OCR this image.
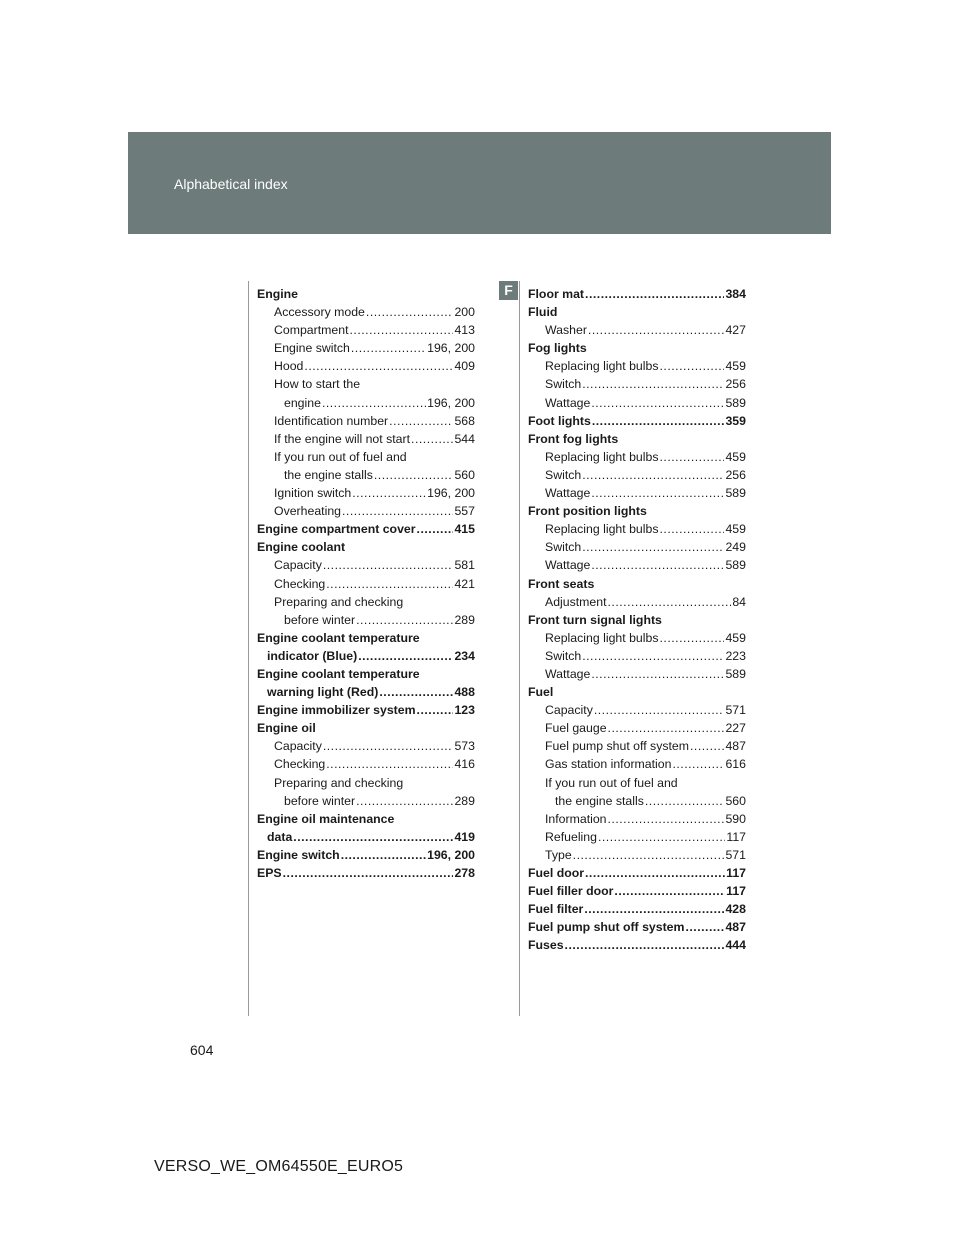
Alphabetical index
F
Engine
Accessory mode .....	200
Compartment .....	413
Engine switch .....	196, 200
Hood .....	409
How to start the
engine .....	196, 200
Identification number .....	568
If the engine will not start .....	544
If you run out of fuel and
the engine stalls .....	560
Ignition switch .....	196, 200
Overheating .....	557
Engine compartment cover .....	415
Engine coolant
Capacity .....	581
Checking .....	421
Preparing and checking
before winter .....	289
Engine coolant temperature
indicator (Blue) .....	234
Engine coolant temperature
warning light (Red) .....	488
Engine immobilizer system .....	123
Engine oil
Capacity .....	573
Checking .....	416
Preparing and checking
before winter .....	289
Engine oil maintenance
data .....	419
Engine switch .....	196, 200
EPS .....	278
Floor mat .....	384
Fluid
Washer .....	427
Fog lights
Replacing light bulbs .....	459
Switch .....	256
Wattage .....	589
Foot lights .....	359
Front fog lights
Replacing light bulbs .....	459
Switch .....	256
Wattage .....	589
Front position lights
Replacing light bulbs .....	459
Switch .....	249
Wattage .....	589
Front seats
Adjustment .....	84
Front turn signal lights
Replacing light bulbs .....	459
Switch .....	223
Wattage .....	589
Fuel
Capacity .....	571
Fuel gauge .....	227
Fuel pump shut off system .....	487
Gas station information .....	616
If you run out of fuel and
the engine stalls .....	560
Information .....	590
Refueling .....	117
Type .....	571
Fuel door .....	117
Fuel filler door .....	117
Fuel filter .....	428
Fuel pump shut off system .....	487
Fuses .....	444
604
VERSO_WE_OM64550E_EURO5
